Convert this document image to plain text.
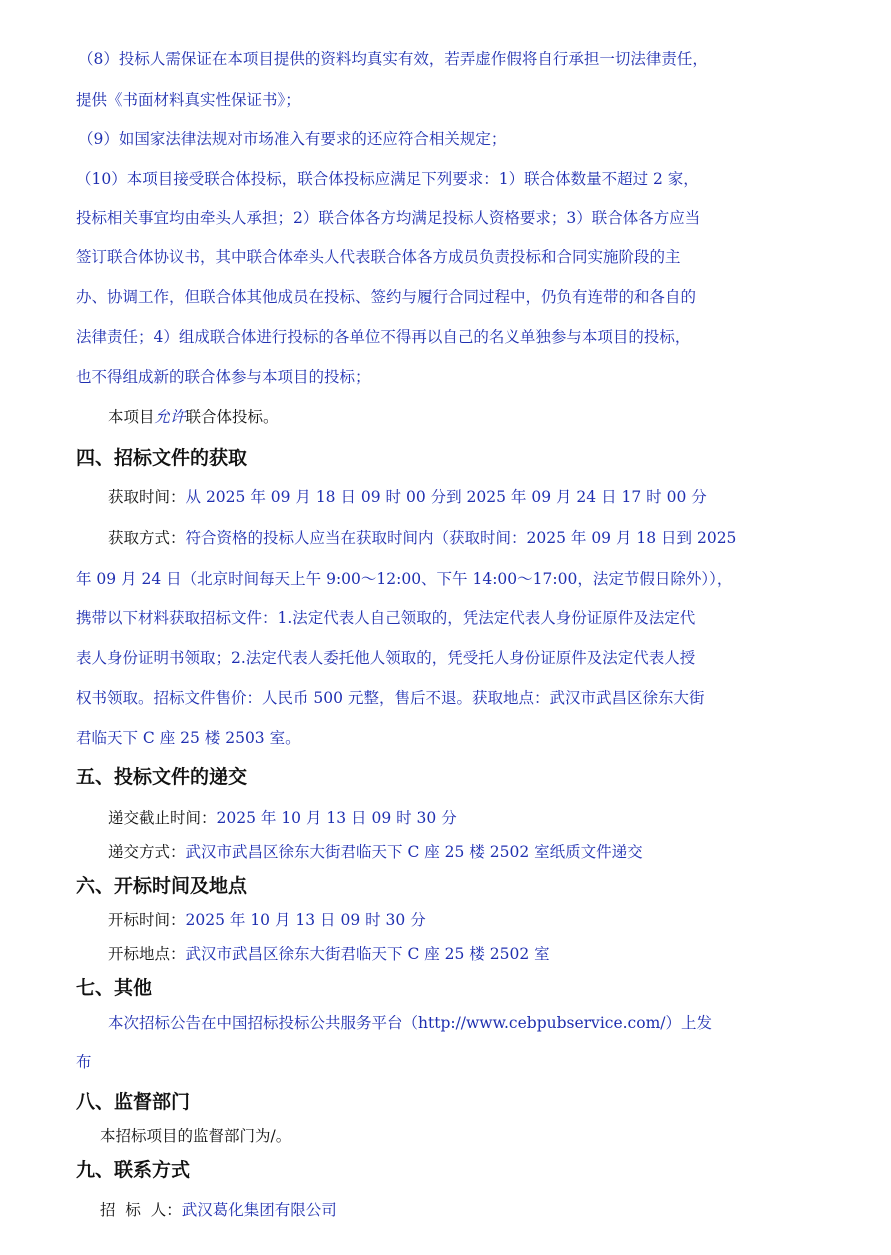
（8）投标人需保证在本项目提供的资料均真实有效，若弄虚作假将自行承担一切法律责任，
提供《书面材料真实性保证书》；
（9）如国家法律法规对市场准入有要求的还应符合相关规定；
（10）本项目接受联合体投标，联合体投标应满足下列要求：1）联合体数量不超过 2 家，
投标相关事宜均由牵头人承担；2）联合体各方均满足投标人资格要求；3）联合体各方应当
签订联合体协议书，其中联合体牵头人代表联合体各方成员负责投标和合同实施阶段的主
办、协调工作，但联合体其他成员在投标、签约与履行合同过程中，仍负有连带的和各自的
法律责任；4）组成联合体进行投标的各单位不得再以自己的名义单独参与本项目的投标，
也不得组成新的联合体参与本项目的投标；
本项目允许联合体投标。
四、招标文件的获取
获取时间：从 2025 年 09 月 18 日 09 时 00 分到 2025 年 09 月 24 日 17 时 00 分
获取方式：符合资格的投标人应当在获取时间内（获取时间：2025 年 09 月 18 日到 2025
年 09 月 24 日（北京时间每天上午 9:00～12:00、下午 14:00～17:00，法定节假日除外）），
携带以下材料获取招标文件：1.法定代表人自己领取的，凭法定代表人身份证原件及法定代
表人身份证明书领取；2.法定代表人委托他人领取的，凭受托人身份证原件及法定代表人授
权书领取。招标文件售价：人民币 500 元整，售后不退。获取地点：武汉市武昌区徐东大街
君临天下 C 座 25 楼 2503 室。
五、投标文件的递交
递交截止时间：2025 年 10 月 13 日 09 时 30 分
递交方式：武汉市武昌区徐东大街君临天下 C 座 25 楼 2502 室纸质文件递交
六、开标时间及地点
开标时间：2025 年 10 月 13 日 09 时 30 分
开标地点：武汉市武昌区徐东大街君临天下 C 座 25 楼 2502 室
七、其他
本次招标公告在中国招标投标公共服务平台（http://www.cebpubservice.com/）上发
布
八、监督部门
本招标项目的监督部门为/。
九、联系方式
招  标  人：武汉葛化集团有限公司
